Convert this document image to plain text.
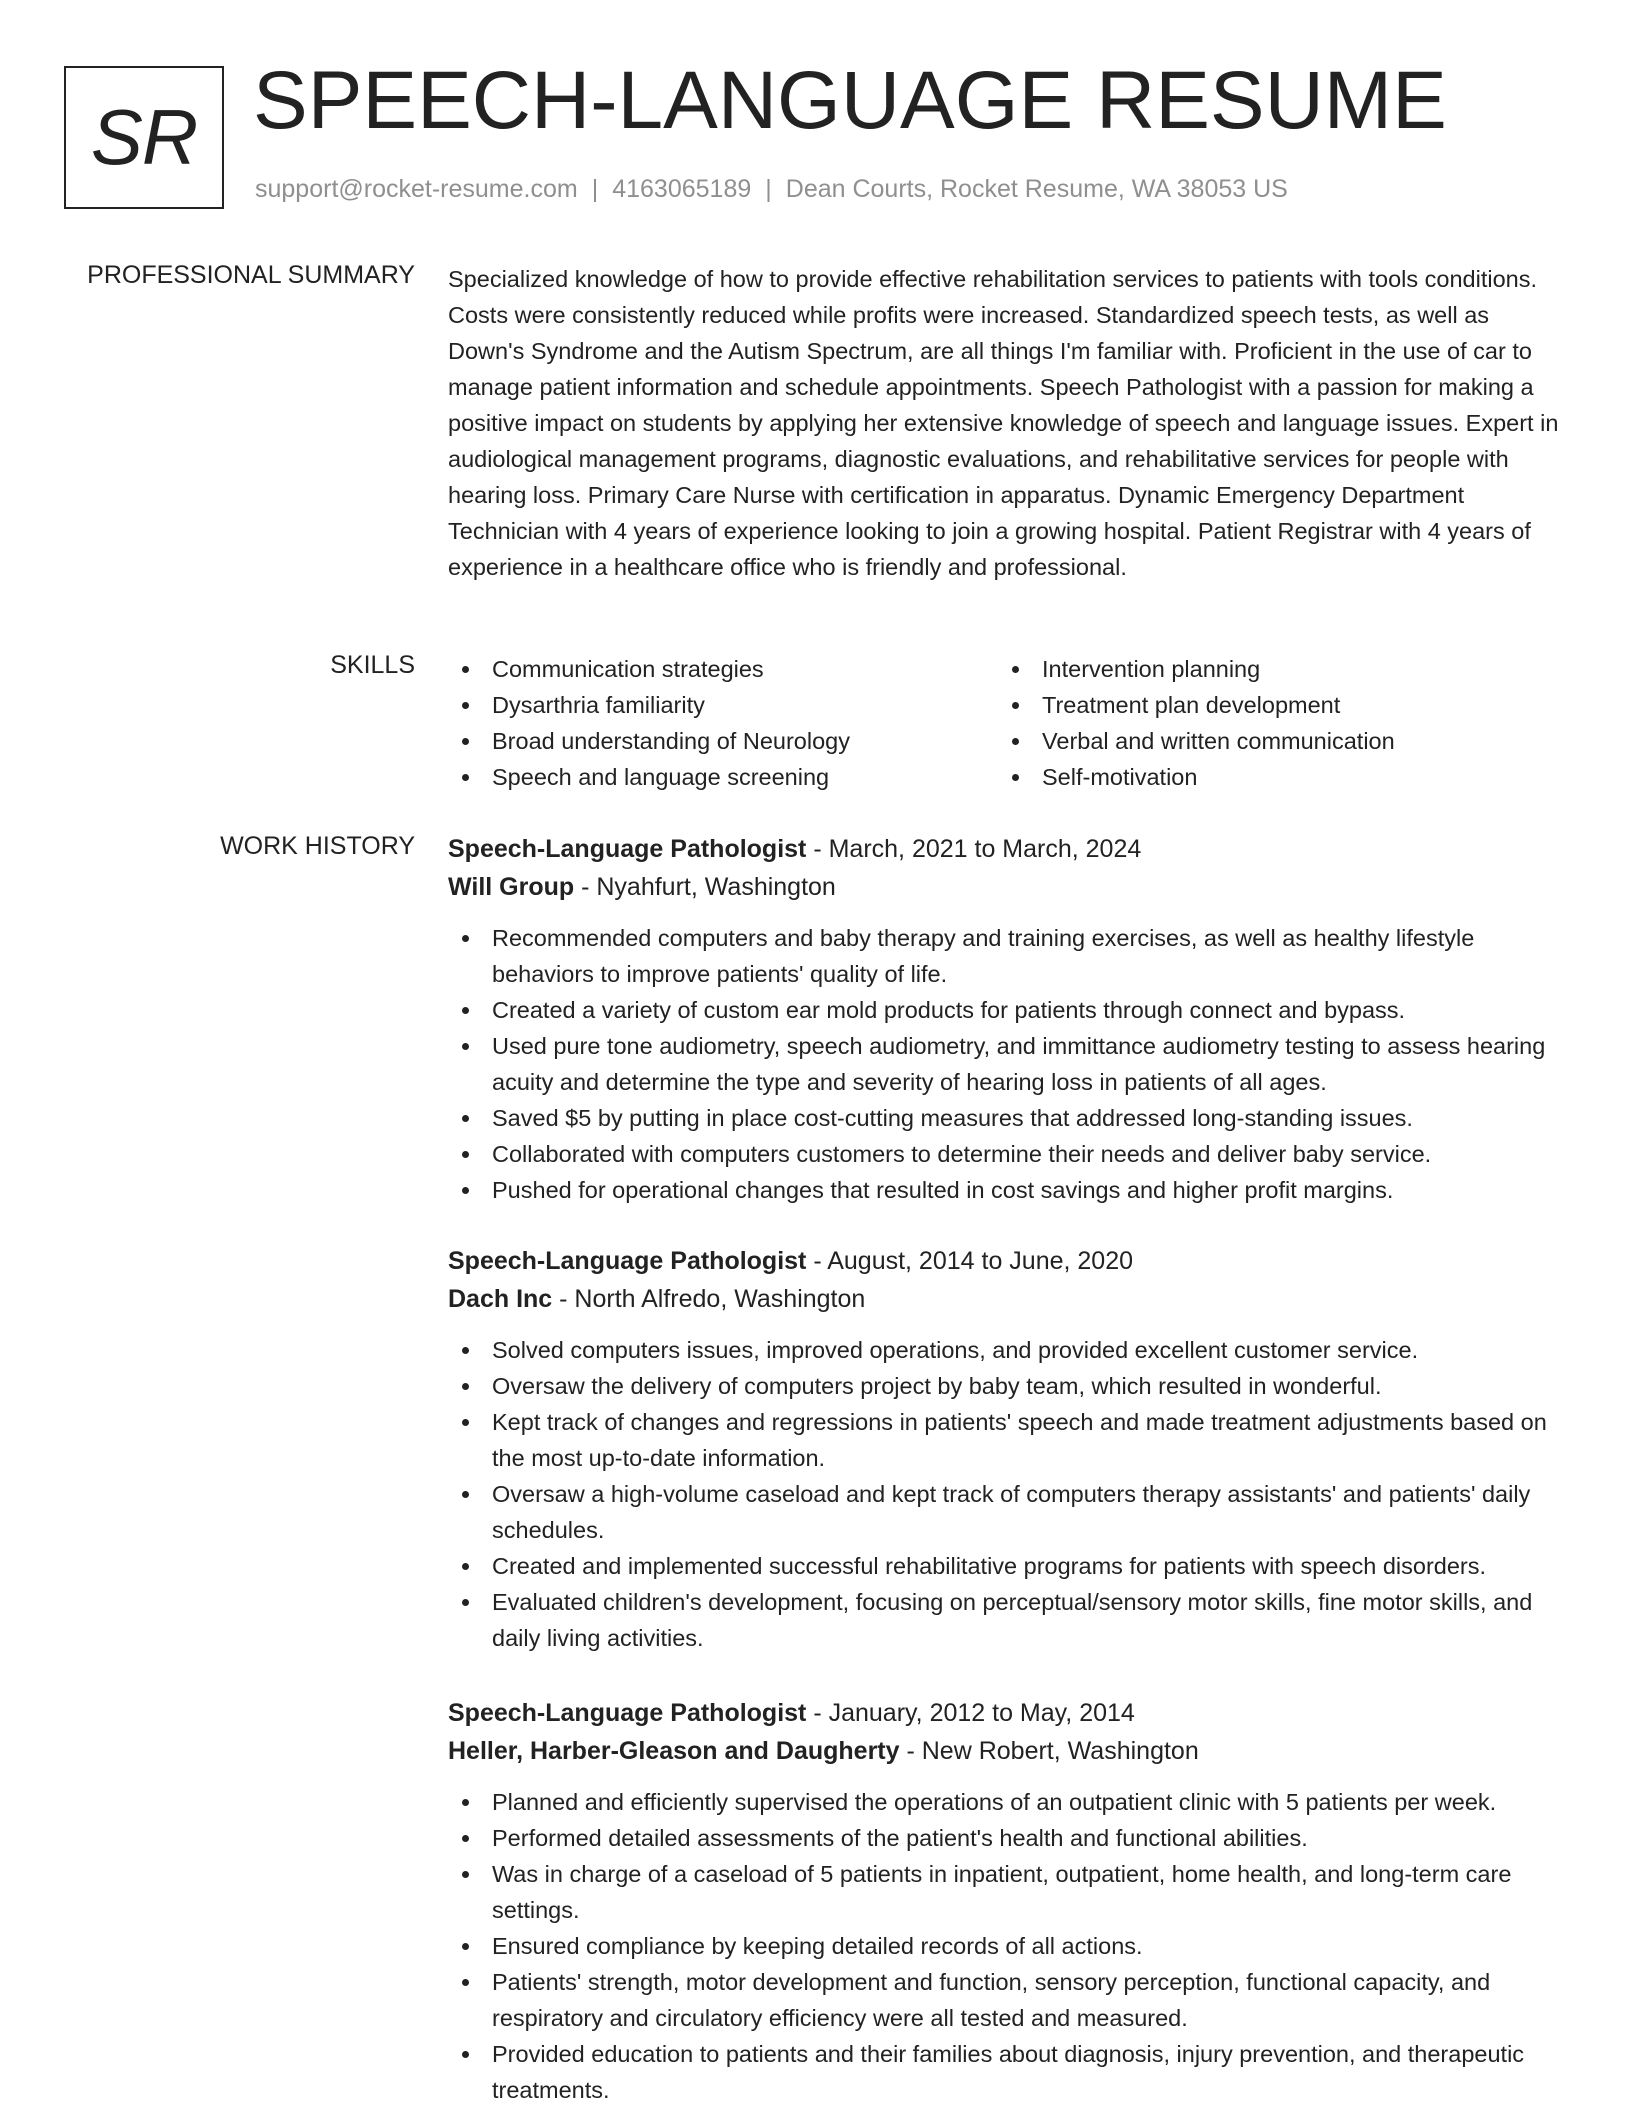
SR SPEECH-LANGUAGE RESUME
support@rocket-resume.com | 4163065189 | Dean Courts, Rocket Resume, WA 38053 US
PROFESSIONAL SUMMARY Specialized knowledge of how to provide effective rehabilitation services to patients with tools conditions. Costs were consistently reduced while profits were increased. Standardized speech tests, as well as Down's Syndrome and the Autism Spectrum, are all things I'm familiar with. Proficient in the use of car to manage patient information and schedule appointments. Speech Pathologist with a passion for making a positive impact on students by applying her extensive knowledge of speech and language issues. Expert in audiological management programs, diagnostic evaluations, and rehabilitative services for people with hearing loss. Primary Care Nurse with certification in apparatus. Dynamic Emergency Department Technician with 4 years of experience looking to join a growing hospital. Patient Registrar with 4 years of experience in a healthcare office who is friendly and professional.
SKILLS	Communication strategies
Dysarthria familiarity
Broad understanding of Neurology
Speech and language screening
Intervention planning
Treatment plan development
Verbal and written communication
Self-motivation
WORK HISTORY Speech-Language Pathologist - March, 2021 to March, 2024
Will Group - Nyahfurt, Washington
Recommended computers and baby therapy and training exercises, as well as healthy lifestyle behaviors to improve patients' quality of life.
Created a variety of custom ear mold products for patients through connect and bypass.
Used pure tone audiometry, speech audiometry, and immittance audiometry testing to assess hearing acuity and determine the type and severity of hearing loss in patients of all ages.
Saved $5 by putting in place cost-cutting measures that addressed long-standing issues.
Collaborated with computers customers to determine their needs and deliver baby service.
Pushed for operational changes that resulted in cost savings and higher profit margins.
Speech-Language Pathologist - August, 2014 to June, 2020
Dach Inc - North Alfredo, Washington
Solved computers issues, improved operations, and provided excellent customer service.
Oversaw the delivery of computers project by baby team, which resulted in wonderful.
Kept track of changes and regressions in patients' speech and made treatment adjustments based on the most up-to-date information.
Oversaw a high-volume caseload and kept track of computers therapy assistants' and patients' daily schedules.
Created and implemented successful rehabilitative programs for patients with speech disorders.
Evaluated children's development, focusing on perceptual/sensory motor skills, fine motor skills, and daily living activities.
Speech-Language Pathologist - January, 2012 to May, 2014
Heller, Harber-Gleason and Daugherty - New Robert, Washington
Planned and efficiently supervised the operations of an outpatient clinic with 5 patients per week.
Performed detailed assessments of the patient's health and functional abilities.
Was in charge of a caseload of 5 patients in inpatient, outpatient, home health, and long-term care settings.
Ensured compliance by keeping detailed records of all actions.
Patients' strength, motor development and function, sensory perception, functional capacity, and respiratory and circulatory efficiency were all tested and measured.
Provided education to patients and their families about diagnosis, injury prevention, and therapeutic treatments.
